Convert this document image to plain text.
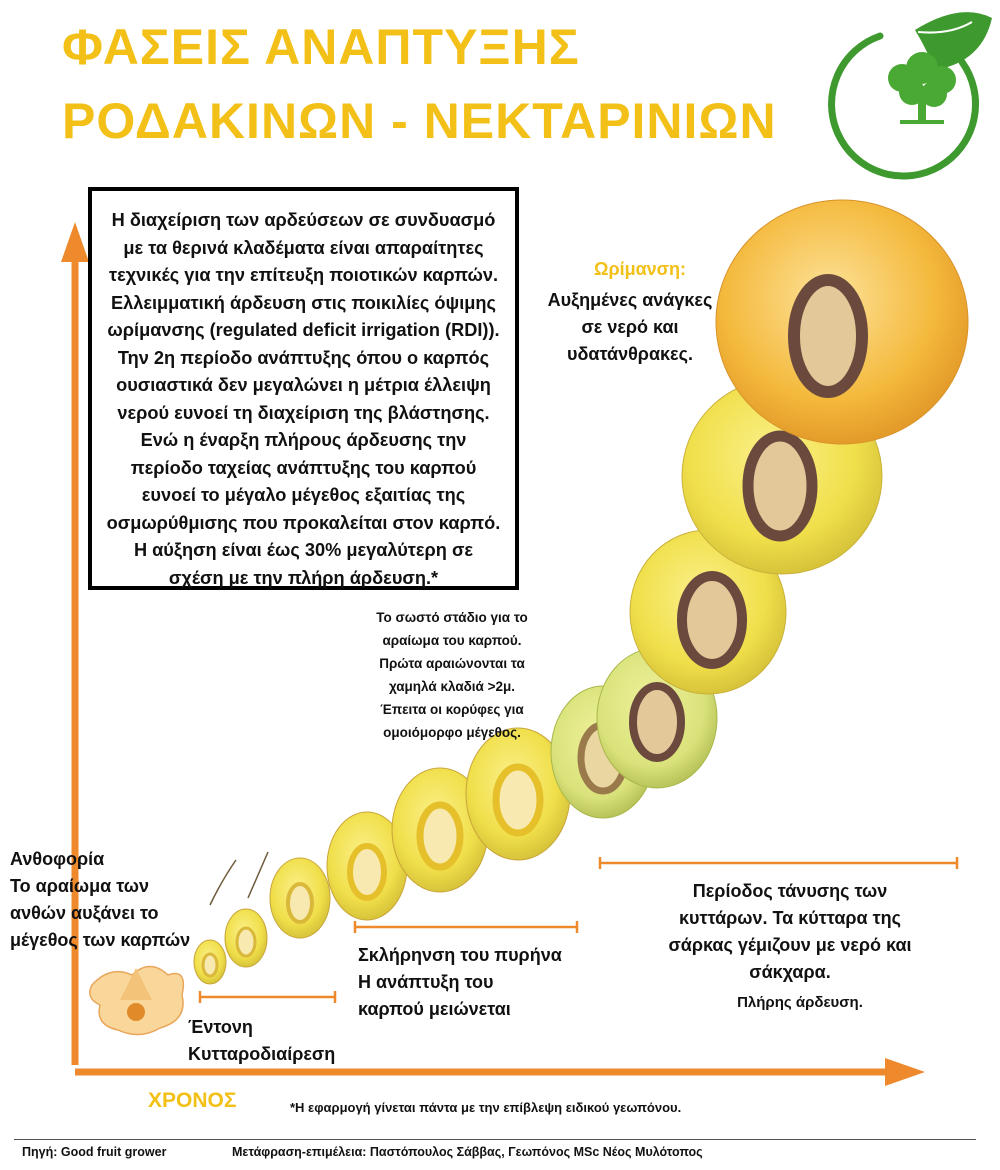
ΦΑΣΕΙΣ ΑΝΑΠΤΥΞΗΣ
ΡΟΔΑΚΙΝΩΝ - ΝΕΚΤΑΡΙΝΙΩΝ

Η διαχείριση των αρδεύσεων σε συνδυασμό

με τα θερινά κλαδέματα είναι απαραίτητες

τεχνικές για την επίτευξη ποιοτικών καρπών.

Ελλειμματική άρδευση στις ποικιλίες όψιμης

ωρίμανσης (regulated deficit irrigation (RDI)).

Την 2η περίοδο ανάπτυξης όπου ο καρπός

ουσιαστικά δεν μεγαλώνει η μέτρια έλλειψη

νερού ευνοεί τη διαχείριση της βλάστησης.

Ενώ η έναρξη πλήρους άρδευσης την

περίοδο ταχείας ανάπτυξης του καρπού

ευνοεί το μέγαλο μέγεθος εξαιτίας της

οσμωρύθμισης που προκαλείται στον καρπό.

Η αύξηση είναι έως 30% μεγαλύτερη σε

σχέση με την πλήρη άρδευση.*

Ωρίμανση:
Αυξημένες ανάγκες
σε νερό και
υδατάνθρακες.
Το σωστό στάδιο για το
αραίωμα του καρπού.
Πρώτα αραιώνονται τα
χαμηλά κλαδιά >2μ.
Έπειτα οι κορύφες για
ομοιόμορφο μέγεθος.
Ανθοφορία
Το αραίωμα των
ανθών αυξάνει το
μέγεθος των καρπών
Έντονη
Κυτταροδιαίρεση
Σκλήρηνση του πυρήνα
Η ανάπτυξη του
καρπού μειώνεται
Περίοδος τάνυσης των
κυττάρων. Τα κύτταρα της
σάρκας γέμιζουν με νερό και
σάκχαρα.
Πλήρης άρδευση.
ΧΡΟΝΟΣ	*Η εφαρμογή γίνεται πάντα με την επίβλεψη ειδικού γεωπόνου.
Πηγή: Good fruit grower	Μετάφραση-επιμέλεια: Παστόπουλος Σάββας, Γεωπόνος MSc Νέος Μυλότοπος
